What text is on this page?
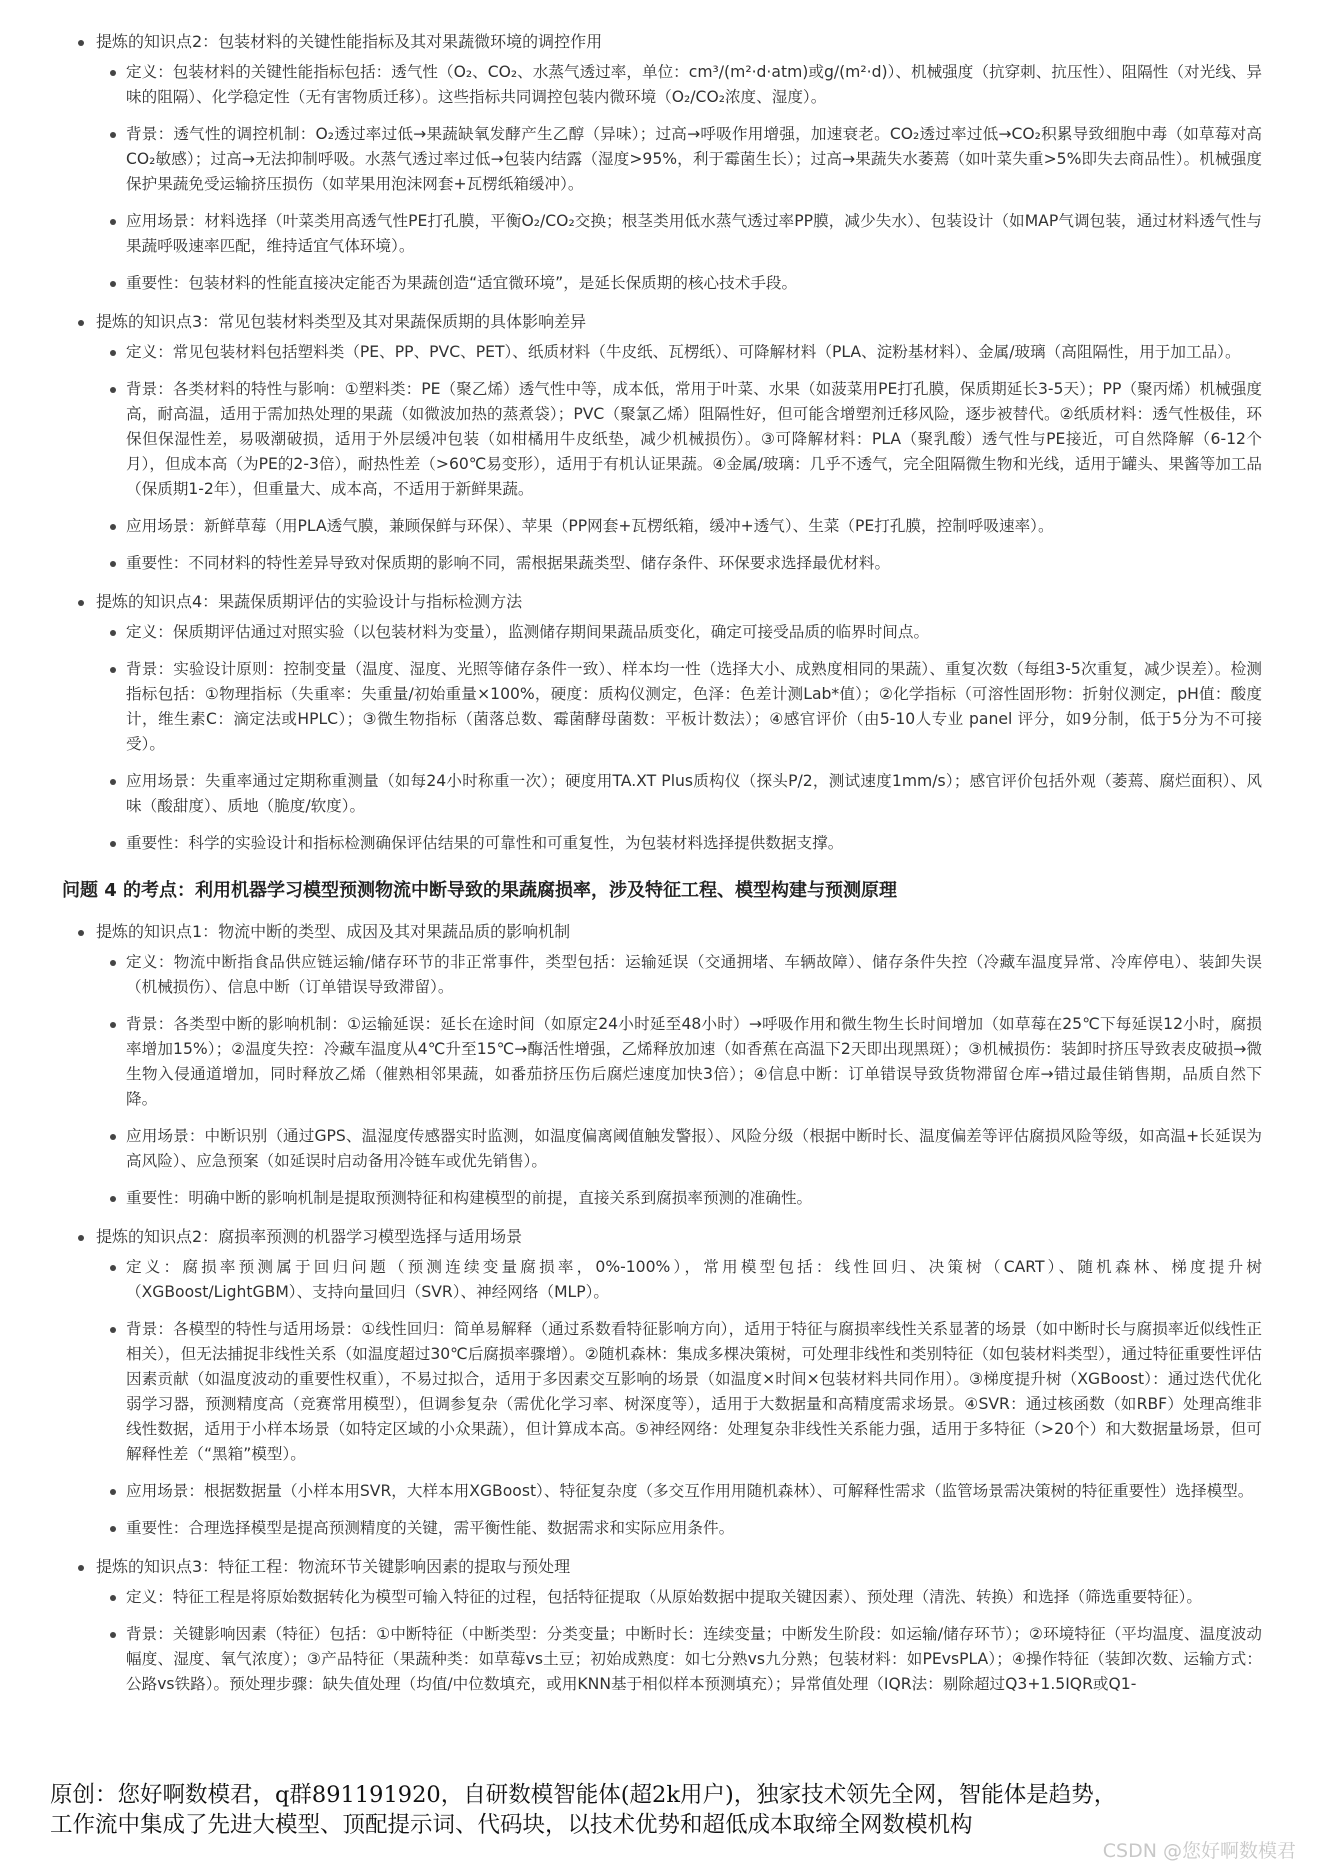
提炼的知识点2：包装材料的关键性能指标及其对果蔬微环境的调控作用
定义：包装材料的关键性能指标包括：透气性（O₂、CO₂、水蒸气透过率，单位：cm³/(m²·d·atm)或g/(m²·d)）、机械强度（抗穿刺、抗压性）、阻隔性（对光线、异味的阻隔）、化学稳定性（无有害物质迁移）。这些指标共同调控包装内微环境（O₂/CO₂浓度、湿度）。
背景：透气性的调控机制：O₂透过率过低→果蔬缺氧发酵产生乙醇（异味）；过高→呼吸作用增强，加速衰老。CO₂透过率过低→CO₂积累导致细胞中毒（如草莓对高CO₂敏感）；过高→无法抑制呼吸。水蒸气透过率过低→包装内结露（湿度>95%，利于霉菌生长）；过高→果蔬失水萎蔫（如叶菜失重>5%即失去商品性）。机械强度保护果蔬免受运输挤压损伤（如苹果用泡沫网套+瓦楞纸箱缓冲）。
应用场景：材料选择（叶菜类用高透气性PE打孔膜，平衡O₂/CO₂交换；根茎类用低水蒸气透过率PP膜，减少失水）、包装设计（如MAP气调包装，通过材料透气性与果蔬呼吸速率匹配，维持适宜气体环境）。
重要性：包装材料的性能直接决定能否为果蔬创造“适宜微环境”，是延长保质期的核心技术手段。
提炼的知识点3：常见包装材料类型及其对果蔬保质期的具体影响差异
定义：常见包装材料包括塑料类（PE、PP、PVC、PET）、纸质材料（牛皮纸、瓦楞纸）、可降解材料（PLA、淀粉基材料）、金属/玻璃（高阻隔性，用于加工品）。
背景：各类材料的特性与影响：①塑料类：PE（聚乙烯）透气性中等，成本低，常用于叶菜、水果（如菠菜用PE打孔膜，保质期延长3-5天）；PP（聚丙烯）机械强度高，耐高温，适用于需加热处理的果蔬（如微波加热的蒸煮袋）；PVC（聚氯乙烯）阻隔性好，但可能含增塑剂迁移风险，逐步被替代。②纸质材料：透气性极佳，环保但保湿性差，易吸潮破损，适用于外层缓冲包装（如柑橘用牛皮纸垫，减少机械损伤）。③可降解材料：PLA（聚乳酸）透气性与PE接近，可自然降解（6-12个月），但成本高（为PE的2-3倍），耐热性差（>60℃易变形），适用于有机认证果蔬。④金属/玻璃：几乎不透气，完全阻隔微生物和光线，适用于罐头、果酱等加工品（保质期1-2年），但重量大、成本高，不适用于新鲜果蔬。
应用场景：新鲜草莓（用PLA透气膜，兼顾保鲜与环保）、苹果（PP网套+瓦楞纸箱，缓冲+透气）、生菜（PE打孔膜，控制呼吸速率）。
重要性：不同材料的特性差异导致对保质期的影响不同，需根据果蔬类型、储存条件、环保要求选择最优材料。
提炼的知识点4：果蔬保质期评估的实验设计与指标检测方法
定义：保质期评估通过对照实验（以包装材料为变量），监测储存期间果蔬品质变化，确定可接受品质的临界时间点。
背景：实验设计原则：控制变量（温度、湿度、光照等储存条件一致）、样本均一性（选择大小、成熟度相同的果蔬）、重复次数（每组3-5次重复，减少误差）。检测指标包括：①物理指标（失重率：失重量/初始重量×100%，硬度：质构仪测定，色泽：色差计测Lab*值）；②化学指标（可溶性固形物：折射仪测定，pH值：酸度计，维生素C：滴定法或HPLC）；③微生物指标（菌落总数、霉菌酵母菌数：平板计数法）；④感官评价（由5-10人专业 panel 评分，如9分制，低于5分为不可接受）。
应用场景：失重率通过定期称重测量（如每24小时称重一次）；硬度用TA.XT Plus质构仪（探头P/2，测试速度1mm/s）；感官评价包括外观（萎蔫、腐烂面积）、风味（酸甜度）、质地（脆度/软度）。
重要性：科学的实验设计和指标检测确保评估结果的可靠性和可重复性，为包装材料选择提供数据支撑。
问题 4 的考点：利用机器学习模型预测物流中断导致的果蔬腐损率，涉及特征工程、模型构建与预测原理
提炼的知识点1：物流中断的类型、成因及其对果蔬品质的影响机制
定义：物流中断指食品供应链运输/储存环节的非正常事件，类型包括：运输延误（交通拥堵、车辆故障）、储存条件失控（冷藏车温度异常、冷库停电）、装卸失误（机械损伤）、信息中断（订单错误导致滞留）。
背景：各类型中断的影响机制：①运输延误：延长在途时间（如原定24小时延至48小时）→呼吸作用和微生物生长时间增加（如草莓在25℃下每延误12小时，腐损率增加15%）；②温度失控：冷藏车温度从4℃升至15℃→酶活性增强，乙烯释放加速（如香蕉在高温下2天即出现黑斑）；③机械损伤：装卸时挤压导致表皮破损→微生物入侵通道增加，同时释放乙烯（催熟相邻果蔬，如番茄挤压伤后腐烂速度加快3倍）；④信息中断：订单错误导致货物滞留仓库→错过最佳销售期，品质自然下降。
应用场景：中断识别（通过GPS、温湿度传感器实时监测，如温度偏离阈值触发警报）、风险分级（根据中断时长、温度偏差等评估腐损风险等级，如高温+长延误为高风险）、应急预案（如延误时启动备用冷链车或优先销售）。
重要性：明确中断的影响机制是提取预测特征和构建模型的前提，直接关系到腐损率预测的准确性。
提炼的知识点2：腐损率预测的机器学习模型选择与适用场景
定义：腐损率预测属于回归问题（预测连续变量腐损率，0%-100%），常用模型包括：线性回归、决策树（CART）、随机森林、梯度提升树（XGBoost/LightGBM）、支持向量回归（SVR）、神经网络（MLP）。
背景：各模型的特性与适用场景：①线性回归：简单易解释（通过系数看特征影响方向），适用于特征与腐损率线性关系显著的场景（如中断时长与腐损率近似线性正相关），但无法捕捉非线性关系（如温度超过30℃后腐损率骤增）。②随机森林：集成多棵决策树，可处理非线性和类别特征（如包装材料类型），通过特征重要性评估因素贡献（如温度波动的重要性权重），不易过拟合，适用于多因素交互影响的场景（如温度×时间×包装材料共同作用）。③梯度提升树（XGBoost）：通过迭代优化弱学习器，预测精度高（竞赛常用模型），但调参复杂（需优化学习率、树深度等），适用于大数据量和高精度需求场景。④SVR：通过核函数（如RBF）处理高维非线性数据，适用于小样本场景（如特定区域的小众果蔬），但计算成本高。⑤神经网络：处理复杂非线性关系能力强，适用于多特征（>20个）和大数据量场景，但可解释性差（“黑箱”模型）。
应用场景：根据数据量（小样本用SVR，大样本用XGBoost）、特征复杂度（多交互作用用随机森林）、可解释性需求（监管场景需决策树的特征重要性）选择模型。
重要性：合理选择模型是提高预测精度的关键，需平衡性能、数据需求和实际应用条件。
提炼的知识点3：特征工程：物流环节关键影响因素的提取与预处理
定义：特征工程是将原始数据转化为模型可输入特征的过程，包括特征提取（从原始数据中提取关键因素）、预处理（清洗、转换）和选择（筛选重要特征）。
背景：关键影响因素（特征）包括：①中断特征（中断类型：分类变量；中断时长：连续变量；中断发生阶段：如运输/储存环节）；②环境特征（平均温度、温度波动幅度、湿度、氧气浓度）；③产品特征（果蔬种类：如草莓vs土豆；初始成熟度：如七分熟vs九分熟；包装材料：如PEvsPLA）；④操作特征（装卸次数、运输方式：公路vs铁路）。预处理步骤：缺失值处理（均值/中位数填充，或用KNN基于相似样本预测填充）；异常值处理（IQR法：剔除超过Q3+1.5IQR或Q1-
原创：您好啊数模君，q群891191920，自研数模智能体(超2k用户)，独家技术领先全网，智能体是趋势，
工作流中集成了先进大模型、顶配提示词、代码块，以技术优势和超低成本取缔全网数模机构
CSDN @您好啊数模君
